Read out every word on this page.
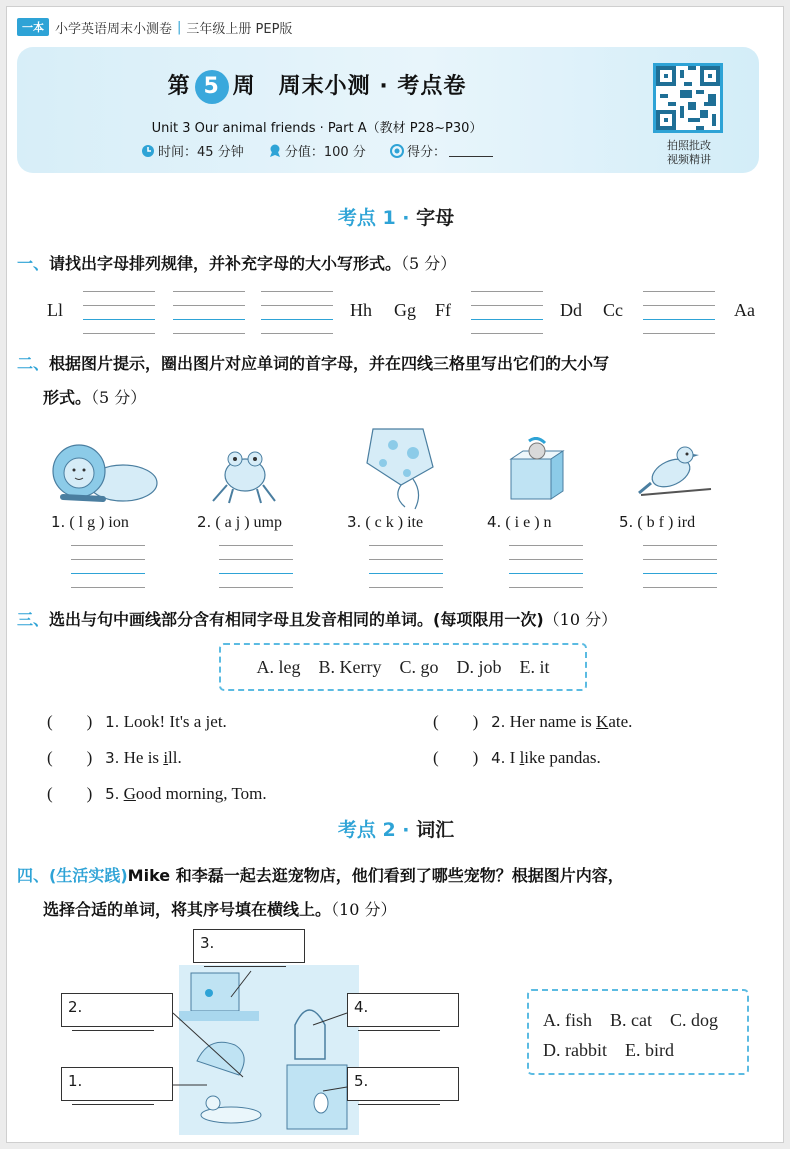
一本 小学英语周末小测卷 | 三年级上册 PEP版
第 5 周　周末小测 · 考点卷
Unit 3 Our animal friends · Part A（教材 P28~P30）
时间：45 分钟
	分值：100 分
	得分：	拍照批改
视频精讲
考点 1 · 字母
一、请找出字母排列规律，并补充字母的大小写形式。（5 分）
Ll	Hh Gg Ff	Dd Cc	Aa
二、根据图片提示，圈出图片对应单词的首字母，并在四线三格里写出它们的大小写
形式。（5 分）
1. ( l g ) ion	2. ( a j ) ump	3. ( c k ) ite	4. ( i e ) n	5. ( b f ) ird
三、选出与句中画线部分含有相同字母且发音相同的单词。(每项限用一次)（10 分）
A. leg　B. Kerry　C. go　D. job　E. it
(　　) 1. Look! It's a jet.	(　　) 2. Her name is Kate.
(　　) 3. He is ill.	(　　) 4. I like pandas.
(　　) 5. Good morning, Tom.
考点 2 · 词汇
四、(生活实践)Mike 和李磊一起去逛宠物店，他们看到了哪些宠物？根据图片内容，
选择合适的单词，将其序号填在横线上。（10 分）
3.
2.	4.
1.	5.
A. fish　B. cat　C. dog
D. rabbit　E. bird
